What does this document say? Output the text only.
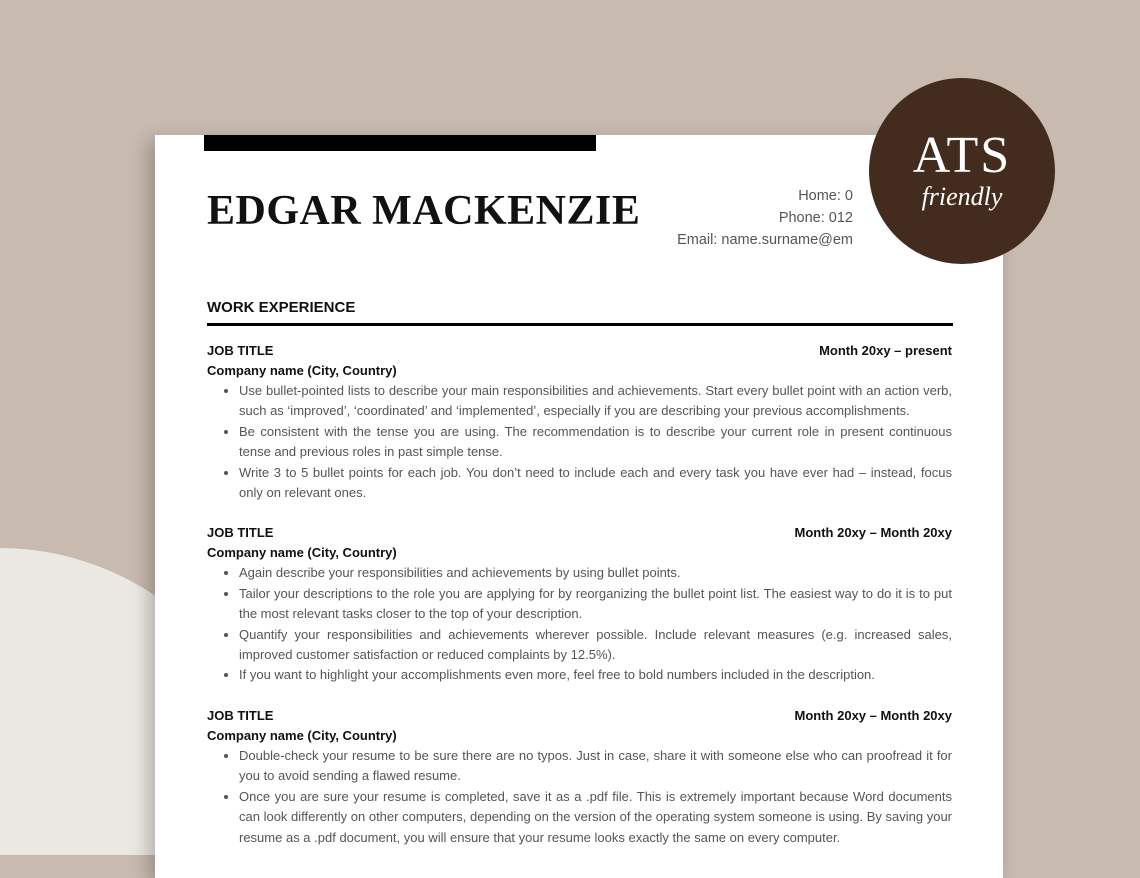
EDGAR MACKENZIE	Home: 0
Phone: 012
Email: name.surname@em
WORK EXPERIENCE
JOB TITLE	Month 20xy – present
Company name (City, Country)
• Use bullet-pointed lists to describe your main responsibilities and achievements. Start every bullet point with an action verb, such as ‘improved’, ‘coordinated’ and ‘implemented’, especially if you are describing your previous accomplishments.
• Be consistent with the tense you are using. The recommendation is to describe your current role in present continuous tense and previous roles in past simple tense.
• Write 3 to 5 bullet points for each job. You don’t need to include each and every task you have ever had – instead, focus only on relevant ones.
JOB TITLE	Month 20xy – Month 20xy
Company name (City, Country)
• Again describe your responsibilities and achievements by using bullet points.
• Tailor your descriptions to the role you are applying for by reorganizing the bullet point list. The easiest way to do it is to put the most relevant tasks closer to the top of your description.
• Quantify your responsibilities and achievements wherever possible. Include relevant measures (e.g. increased sales, improved customer satisfaction or reduced complaints by 12.5%).
• If you want to highlight your accomplishments even more, feel free to bold numbers included in the description.
JOB TITLE	Month 20xy – Month 20xy
Company name (City, Country)
• Double-check your resume to be sure there are no typos. Just in case, share it with someone else who can proofread it for you to avoid sending a flawed resume.
• Once you are sure your resume is completed, save it as a .pdf file. This is extremely important because Word documents can look differently on other computers, depending on the version of the operating system someone is using. By saving your resume as a .pdf document, you will ensure that your resume looks exactly the same on every computer.
ATS
friendly
